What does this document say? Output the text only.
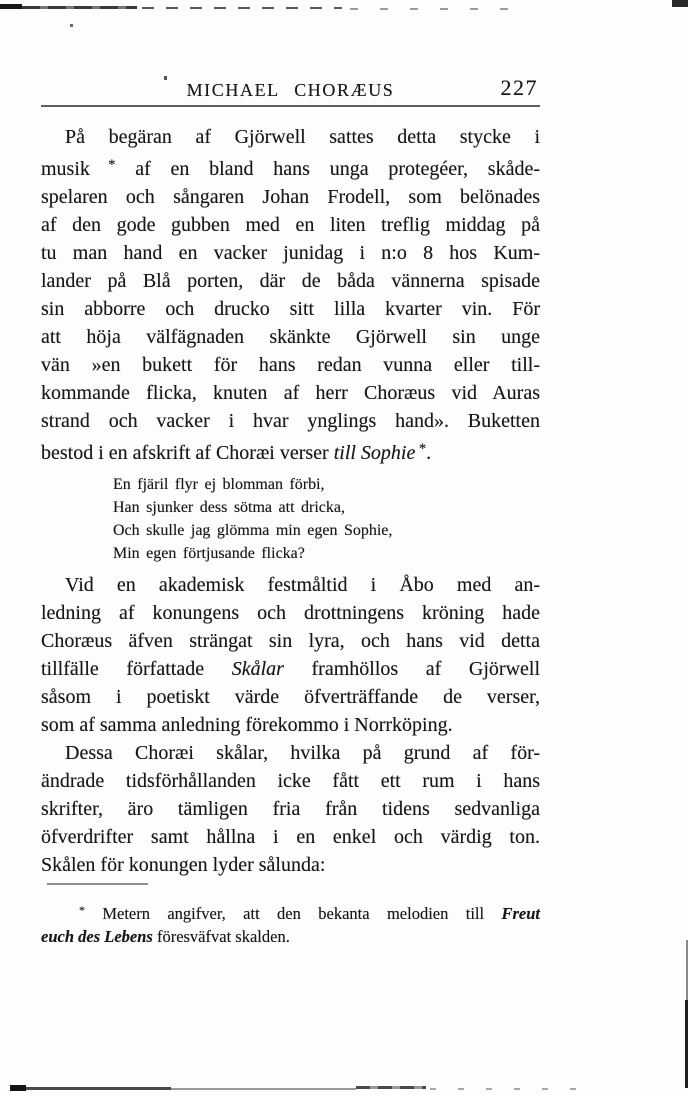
MICHAEL CHORÆUS	227
På begäran af Gjörwell sattes detta stycke i
musik * af en bland hans unga protegéer, skåde-
spelaren och sångaren Johan Frodell, som belönades
af den gode gubben med en liten treflig middag på
tu man hand en vacker junidag i n:o 8 hos Kum-
lander på Blå porten, där de båda vännerna spisade
sin abborre och drucko sitt lilla kvarter vin. För
att höja välfägnaden skänkte Gjörwell sin unge
vän »en bukett för hans redan vunna eller till-
kommande flicka, knuten af herr Choræus vid Auras
strand och vacker i hvar ynglings hand». Buketten
bestod i en afskrift af Choræi verser till Sophie *.
En fjäril flyr ej blomman förbi,
Han sjunker dess sötma att dricka,
Och skulle jag glömma min egen Sophie,
Min egen förtjusande flicka?
Vid en akademisk festmåltid i Åbo med an-
ledning af konungens och drottningens kröning hade
Choræus äfven strängat sin lyra, och hans vid detta
tillfälle författade Skålar framhöllos af Gjörwell
såsom i poetiskt värde öfverträffande de verser,
som af samma anledning förekommo i Norrköping.
Dessa Choræi skålar, hvilka på grund af för-
ändrade tidsförhållanden icke fått ett rum i hans
skrifter, äro tämligen fria från tidens sedvanliga
öfverdrifter samt hållna i en enkel och värdig ton.
Skålen för konungen lyder sålunda:
* Metern angifver, att den bekanta melodien till Freut
euch des Lebens föresväfvat skalden.
